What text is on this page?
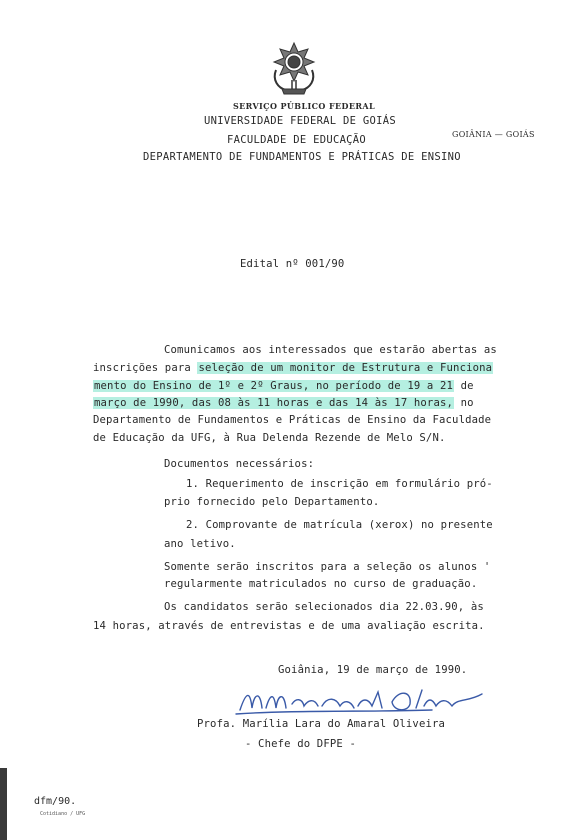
SERVIÇO PÚBLICO FEDERAL
UNIVERSIDADE FEDERAL DE GOIÁS
FACULDADE DE EDUCAÇÃO	GOIÂNIA — GOIÁS
DEPARTAMENTO DE FUNDAMENTOS E PRÁTICAS DE ENSINO
Edital nº 001/90
Comunicamos aos interessados que estarão abertas as
inscrições para seleção de um monitor de Estrutura e Funciona
mento do Ensino de 1º e 2º Graus, no período de 19 a 21 de
março de 1990, das 08 às 11 horas e das 14 às 17 horas, no
Departamento de Fundamentos e Práticas de Ensino da Faculdade
de Educação da UFG, à Rua Delenda Rezende de Melo S/N.
Documentos necessários:
1. Requerimento de inscrição em formulário pró-
prio fornecido pelo Departamento.
2. Comprovante de matrícula (xerox) no presente
ano letivo.
Somente serão inscritos para a seleção os alunos '
regularmente matriculados no curso de graduação.
Os candidatos serão selecionados dia 22.03.90, às
14 horas, através de entrevistas e de uma avaliação escrita.
Goiânia, 19 de março de 1990.
Profa. Marília Lara do Amaral Oliveira
- Chefe do DFPE -
dfm/90.
Cotidiano / UFG
